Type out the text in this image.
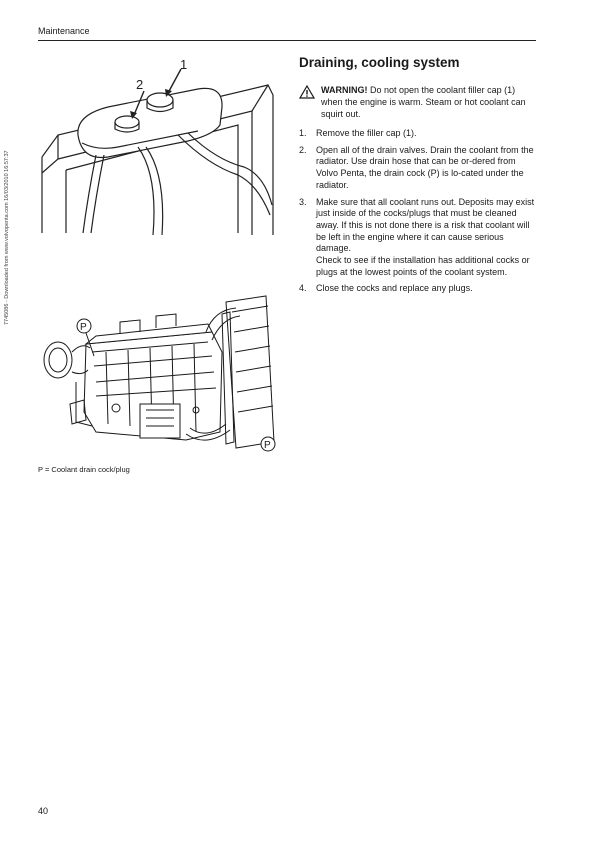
Maintenance
7745086 - Downloaded from www.volvopenta.com 16/03/2010 16:57:37
2
1
P
P
P = Coolant drain cock/plug
Draining, cooling system
WARNING! Do not open the coolant filler cap (1) when the engine is warm. Steam or hot coolant can squirt out.
1. Remove the filler cap (1).
2. Open all of the drain valves. Drain the coolant from the radiator. Use drain hose that can be or-dered from Volvo Penta, the drain cock (P) is lo-cated under the radiator.
3. Make sure that all coolant runs out. Deposits may exist just inside of the cocks/plugs that must be cleaned away. If this is not done there is a risk that coolant will be left in the engine where it can cause serious damage.
Check to see if the installation has additional cocks or plugs at the lowest points of the coolant system.
4. Close the cocks and replace any plugs.
40
